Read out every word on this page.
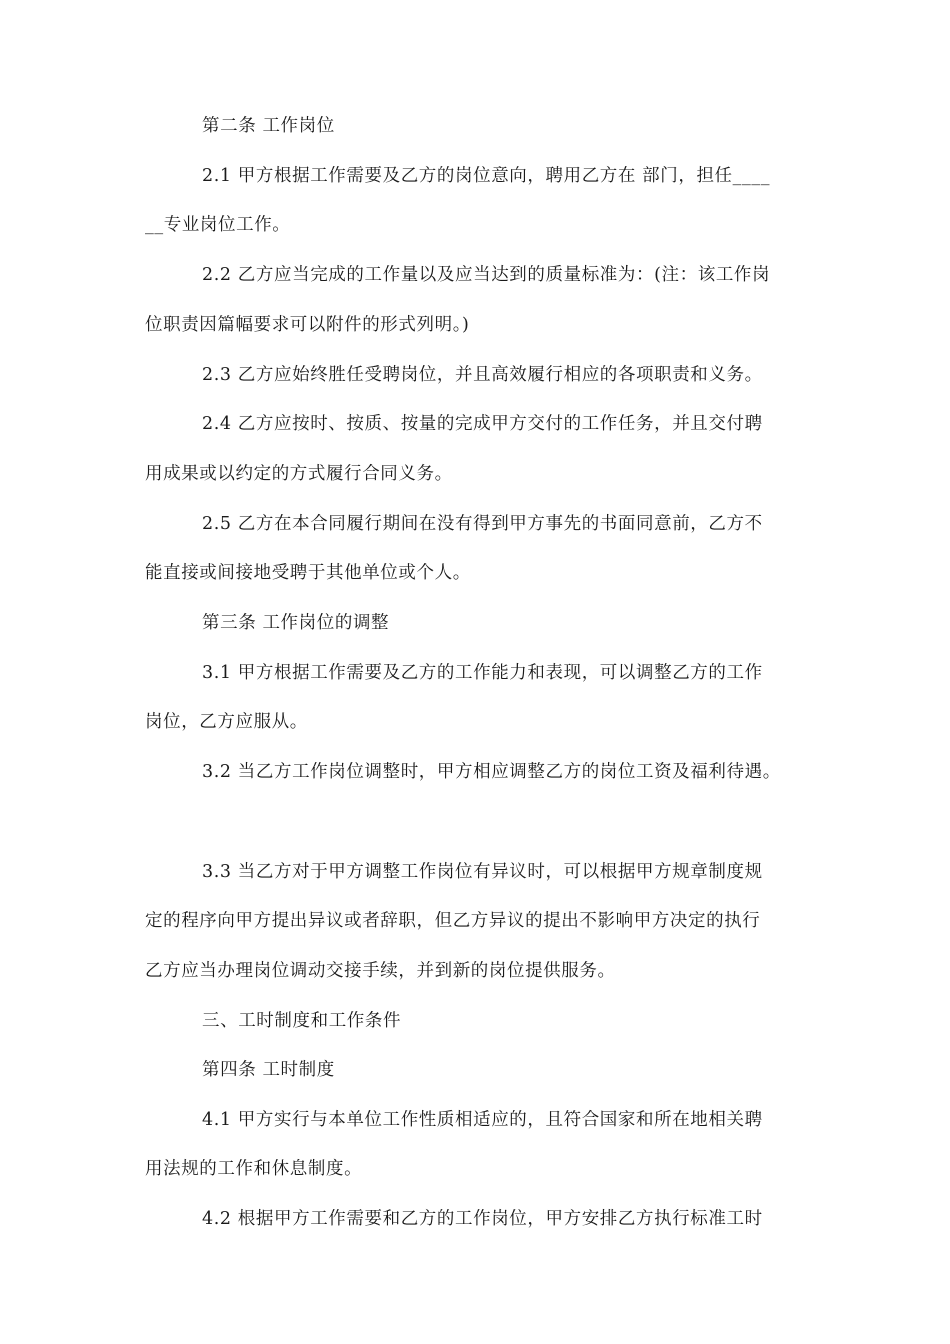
第二条 工作岗位
2.1 甲方根据工作需要及乙方的岗位意向，聘用乙方在 部门，担任____
__专业岗位工作。
2.2 乙方应当完成的工作量以及应当达到的质量标准为：(注：该工作岗
位职责因篇幅要求可以附件的形式列明。)
2.3 乙方应始终胜任受聘岗位，并且高效履行相应的各项职责和义务。
2.4 乙方应按时、按质、按量的完成甲方交付的工作任务，并且交付聘
用成果或以约定的方式履行合同义务。
2.5 乙方在本合同履行期间在没有得到甲方事先的书面同意前，乙方不
能直接或间接地受聘于其他单位或个人。
第三条 工作岗位的调整
3.1 甲方根据工作需要及乙方的工作能力和表现，可以调整乙方的工作
岗位，乙方应服从。
3.2 当乙方工作岗位调整时，甲方相应调整乙方的岗位工资及福利待遇。
3.3 当乙方对于甲方调整工作岗位有异议时，可以根据甲方规章制度规
定的程序向甲方提出异议或者辞职，但乙方异议的提出不影响甲方决定的执行
乙方应当办理岗位调动交接手续，并到新的岗位提供服务。
三、工时制度和工作条件
第四条 工时制度
4.1 甲方实行与本单位工作性质相适应的，且符合国家和所在地相关聘
用法规的工作和休息制度。
4.2 根据甲方工作需要和乙方的工作岗位，甲方安排乙方执行标准工时
